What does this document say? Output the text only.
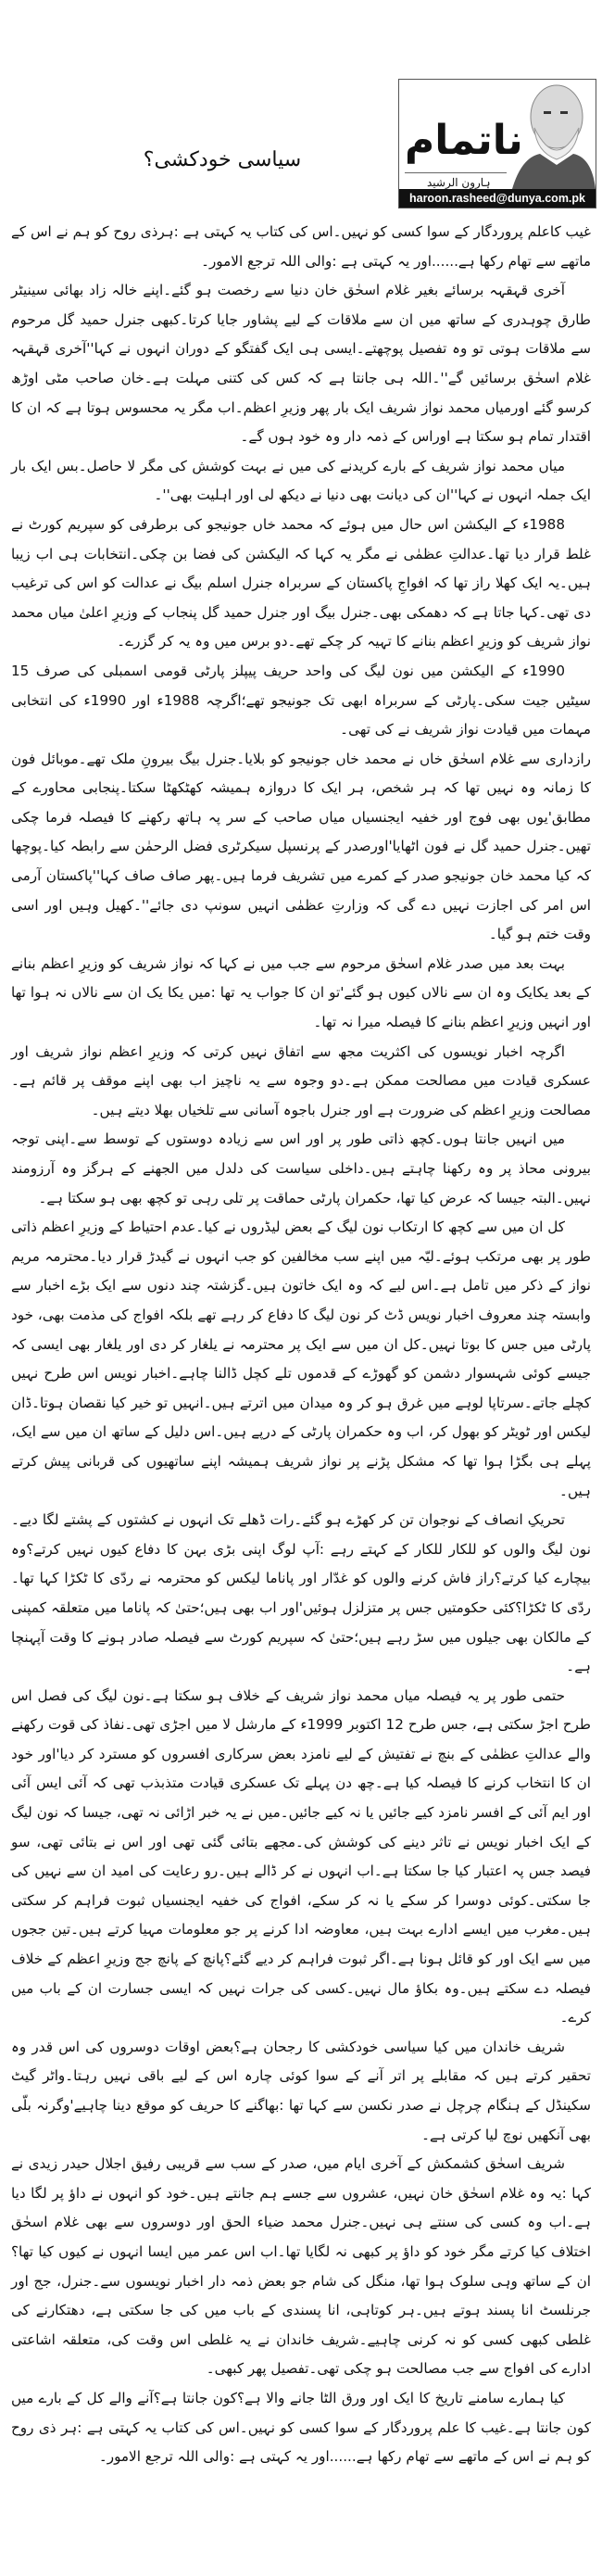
سیاسی خودکشی؟	ناتمام
ہارون الرشید
haroon.rasheed@dunya.com.pk

غیب کاعلم پروردگار کے سوا کسی کو نہیں۔اس کی کتاب یہ کہتی ہے :ہرذی روح کو ہم نے اس کے ماتھے سے تھام رکھا ہے......اور یہ کہتی ہے :والی اللہ ترجع الامور۔

آخری قہقہہ برسائے بغیر غلام اسحٰق خان دنیا سے رخصت ہو گئے۔اپنے خالہ زاد بھائی سینیٹر طارق چوہدری کے ساتھ میں ان سے ملاقات کے لیے پشاور جایا کرتا۔کبھی جنرل حمید گل مرحوم سے ملاقات ہوتی تو وہ تفصیل پوچھتے۔ایسی ہی ایک گفتگو کے دوران انہوں نے کہا''آخری قہقہہ غلام اسحٰق برسائیں گے''۔اللہ ہی جانتا ہے کہ کس کی کتنی مہلت ہے۔خان صاحب مٹی اوڑھ کرسو گئے اورمیاں محمد نواز شریف ایک بار پھر وزیرِ اعظم۔اب مگر یہ محسوس ہوتا ہے کہ ان کا اقتدار تمام ہو سکتا ہے اوراس کے ذمہ دار وہ خود ہوں گے۔

میاں محمد نواز شریف کے بارے کریدنے کی میں نے بہت کوشش کی مگر لا حاصل۔بس ایک بار ایک جملہ انہوں نے کہا''ان کی دیانت بھی دنیا نے دیکھ لی اور اہلیت بھی''۔

1988ء کے الیکشن اس حال میں ہوئے کہ محمد خاں جونیجو کی برطرفی کو سپریم کورٹ نے غلط قرار دیا تھا۔عدالتِ عظمٰی نے مگر یہ کہا کہ الیکشن کی فضا بن چکی۔انتخابات ہی اب زیبا ہیں۔یہ ایک کھلا راز تھا کہ افواجِ پاکستان کے سربراہ جنرل اسلم بیگ نے عدالت کو اس کی ترغیب دی تھی۔کہا جاتا ہے کہ دھمکی بھی۔جنرل بیگ اور جنرل حمید گل پنجاب کے وزیرِ اعلیٰ میاں محمد نواز شریف کو وزیرِ اعظم بنانے کا تہیہ کر چکے تھے۔دو برس میں وہ یہ کر گزرے۔

1990ء کے الیکشن میں نون لیگ کی واحد حریف پیپلز پارٹی قومی اسمبلی کی صرف 15 سیٹیں جیت سکی۔پارٹی کے سربراہ ابھی تک جونیجو تھے؛اگرچہ 1988ء اور 1990ء کی انتخابی مہمات میں قیادت نواز شریف نے کی تھی۔

رازداری سے غلام اسحٰق خاں نے محمد خاں جونیجو کو بلایا۔جنرل بیگ بیرونِ ملک تھے۔موبائل فون کا زمانہ وہ نہیں تھا کہ ہر شخص، ہر ایک کا دروازہ ہمیشہ کھٹکھٹا سکتا۔پنجابی محاورے کے مطابق'یوں بھی فوج اور خفیہ ایجنسیاں میاں صاحب کے سر پہ ہاتھ رکھنے کا فیصلہ فرما چکی تھیں۔جنرل حمید گل نے فون اٹھایا'اورصدر کے پرنسپل سیکرٹری فضل الرحمٰن سے رابطہ کیا۔پوچھا کہ کیا محمد خان جونیجو صدر کے کمرے میں تشریف فرما ہیں۔پھر صاف صاف کہا''پاکستان آرمی اس امر کی اجازت نہیں دے گی کہ وزارتِ عظمٰی انہیں سونپ دی جائے''۔کھیل وہیں اور اسی وقت ختم ہو گیا۔

بہت بعد میں صدر غلام اسحٰق مرحوم سے جب میں نے کہا کہ نواز شریف کو وزیرِ اعظم بنانے کے بعد یکایک وہ ان سے نالاں کیوں ہو گئے'تو ان کا جواب یہ تھا :میں یکا یک ان سے نالاں نہ ہوا تھا اور انہیں وزیرِ اعظم بنانے کا فیصلہ میرا نہ تھا۔

اگرچہ اخبار نویسوں کی اکثریت مجھ سے اتفاق نہیں کرتی کہ وزیرِ اعظم نواز شریف اور عسکری قیادت میں مصالحت ممکن ہے۔دو وجوہ سے یہ ناچیز اب بھی اپنے موقف پر قائم ہے۔مصالحت وزیرِ اعظم کی ضرورت ہے اور جنرل باجوہ آسانی سے تلخیاں بھلا دیتے ہیں۔

میں انہیں جانتا ہوں۔کچھ ذاتی طور پر اور اس سے زیادہ دوستوں کے توسط سے۔اپنی توجہ بیرونی محاذ پر وہ رکھنا چاہتے ہیں۔داخلی سیاست کی دلدل میں الجھنے کے ہرگز وہ آرزومند نہیں۔البتہ جیسا کہ عرض کیا تھا، حکمران پارٹی حماقت پر تلی رہی تو کچھ بھی ہو سکتا ہے۔

کل ان میں سے کچھ کا ارتکاب نون لیگ کے بعض لیڈروں نے کیا۔عدم احتیاط کے وزیرِ اعظم ذاتی طور پر بھی مرتکب ہوئے۔لیّہ میں اپنے سب مخالفین کو جب انہوں نے گیدڑ قرار دیا۔محترمہ مریم نواز کے ذکر میں تامل ہے۔اس لیے کہ وہ ایک خاتون ہیں۔گزشتہ چند دنوں سے ایک بڑے اخبار سے وابستہ چند معروف اخبار نویس ڈٹ کر نون لیگ کا دفاع کر رہے تھے بلکہ افواج کی مذمت بھی، خود پارٹی میں جس کا بوتا نہیں۔کل ان میں سے ایک پر محترمہ نے یلغار کر دی اور یلغار بھی ایسی کہ جیسے کوئی شہسوار دشمن کو گھوڑے کے قدموں تلے کچل ڈالنا چاہے۔اخبار نویس اس طرح نہیں کچلے جاتے۔سرتاپا لوہے میں غرق ہو کر وہ میدان میں اترتے ہیں۔انہیں تو خیر کیا نقصان ہوتا۔ڈان لیکس اور ٹویٹر کو بھول کر، اب وہ حکمران پارٹی کے درپے ہیں۔اس دلیل کے ساتھ ان میں سے ایک، پہلے ہی بگڑا ہوا تھا کہ مشکل پڑنے پر نواز شریف ہمیشہ اپنے ساتھیوں کی قربانی پیش کرتے ہیں۔

تحریکِ انصاف کے نوجوان تن کر کھڑے ہو گئے۔رات ڈھلے تک انہوں نے کشتوں کے پشتے لگا دیے۔نون لیگ والوں کو للکار للکار کے کہتے رہے :آپ لوگ اپنی بڑی بہن کا دفاع کیوں نہیں کرتے؟وہ بیچارے کیا کرتے؟راز فاش کرنے والوں کو غدّار اور پاناما لیکس کو محترمہ نے ردّی کا ٹکڑا کہا تھا۔ردّی کا ٹکڑا؟کئی حکومتیں جس پر متزلزل ہوئیں'اور اب بھی ہیں؛حتیٰ کہ پاناما میں متعلقہ کمپنی کے مالکان بھی جیلوں میں سڑ رہے ہیں؛حتیٰ کہ سپریم کورٹ سے فیصلہ صادر ہونے کا وقت آپہنچا ہے۔

حتمی طور پر یہ فیصلہ میاں محمد نواز شریف کے خلاف ہو سکتا ہے۔نون لیگ کی فصل اس طرح اجڑ سکتی ہے، جس طرح 12 اکتوبر 1999ء کے مارشل لا میں اجڑی تھی۔نفاذ کی قوت رکھنے والے عدالتِ عظمٰی کے بنچ نے تفتیش کے لیے نامزد بعض سرکاری افسروں کو مسترد کر دیا'اور خود ان کا انتخاب کرنے کا فیصلہ کیا ہے۔چھ دن پہلے تک عسکری قیادت متذبذب تھی کہ آئی ایس آئی اور ایم آئی کے افسر نامزد کیے جائیں یا نہ کیے جائیں۔میں نے یہ خبر اڑائی نہ تھی، جیسا کہ نون لیگ کے ایک اخبار نویس نے تاثر دینے کی کوشش کی۔مجھے بتائی گئی تھی اور اس نے بتائی تھی، سو فیصد جس پہ اعتبار کیا جا سکتا ہے۔اب انہوں نے کر ڈالے ہیں۔رو رعایت کی امید ان سے نہیں کی جا سکتی۔کوئی دوسرا کر سکے یا نہ کر سکے، افواج کی خفیہ ایجنسیاں ثبوت فراہم کر سکتی ہیں۔مغرب میں ایسے ادارے بہت ہیں، معاوضہ ادا کرنے پر جو معلومات مہیا کرتے ہیں۔تین ججوں میں سے ایک اور کو قائل ہونا ہے۔اگر ثبوت فراہم کر دیے گئے؟پانچ کے پانچ جج وزیرِ اعظم کے خلاف فیصلہ دے سکتے ہیں۔وہ بکاؤ مال نہیں۔کسی کی جرات نہیں کہ ایسی جسارت ان کے باب میں کرے۔

شریف خاندان میں کیا سیاسی خودکشی کا رجحان ہے؟بعض اوقات دوسروں کی اس قدر وہ تحقیر کرتے ہیں کہ مقابلے پر اتر آنے کے سوا کوئی چارہ اس کے لیے باقی نہیں رہتا۔واٹر گیٹ سکینڈل کے ہنگام چرچل نے صدر نکسن سے کہا تھا :بھاگنے کا حریف کو موقع دینا چاہیے'وگرنہ بلّی بھی آنکھیں نوچ لیا کرتی ہے۔

شریف اسحٰق کشمکش کے آخری ایام میں، صدر کے سب سے قریبی رفیق اجلال حیدر زیدی نے کہا :یہ وہ غلام اسحٰق خان نہیں، عشروں سے جسے ہم جانتے ہیں۔خود کو انہوں نے داؤ پر لگا دیا ہے۔اب وہ کسی کی سنتے ہی نہیں۔جنرل محمد ضیاء الحق اور دوسروں سے بھی غلام اسحٰق اختلاف کیا کرتے مگر خود کو داؤ پر کبھی نہ لگایا تھا۔اب اس عمر میں ایسا انہوں نے کیوں کیا تھا؟ان کے ساتھ وہی سلوک ہوا تھا، منگل کی شام جو بعض ذمہ دار اخبار نویسوں سے۔جنرل، جج اور جرنلسٹ انا پسند ہوتے ہیں۔ہر کوتاہی، انا پسندی کے باب میں کی جا سکتی ہے، دھتکارنے کی غلطی کبھی کسی کو نہ کرنی چاہیے۔شریف خاندان نے یہ غلطی اس وقت کی، متعلقہ اشاعتی ادارے کی افواج سے جب مصالحت ہو چکی تھی۔تفصیل پھر کبھی۔

کیا ہمارے سامنے تاریخ کا ایک اور ورق الٹا جانے والا ہے؟کون جانتا ہے؟آنے والے کل کے بارے میں کون جانتا ہے۔غیب کا علم پروردگار کے سوا کسی کو نہیں۔اس کی کتاب یہ کہتی ہے :ہر ذی روح کو ہم نے اس کے ماتھے سے تھام رکھا ہے......اور یہ کہتی ہے :والی اللہ ترجع الامور۔
